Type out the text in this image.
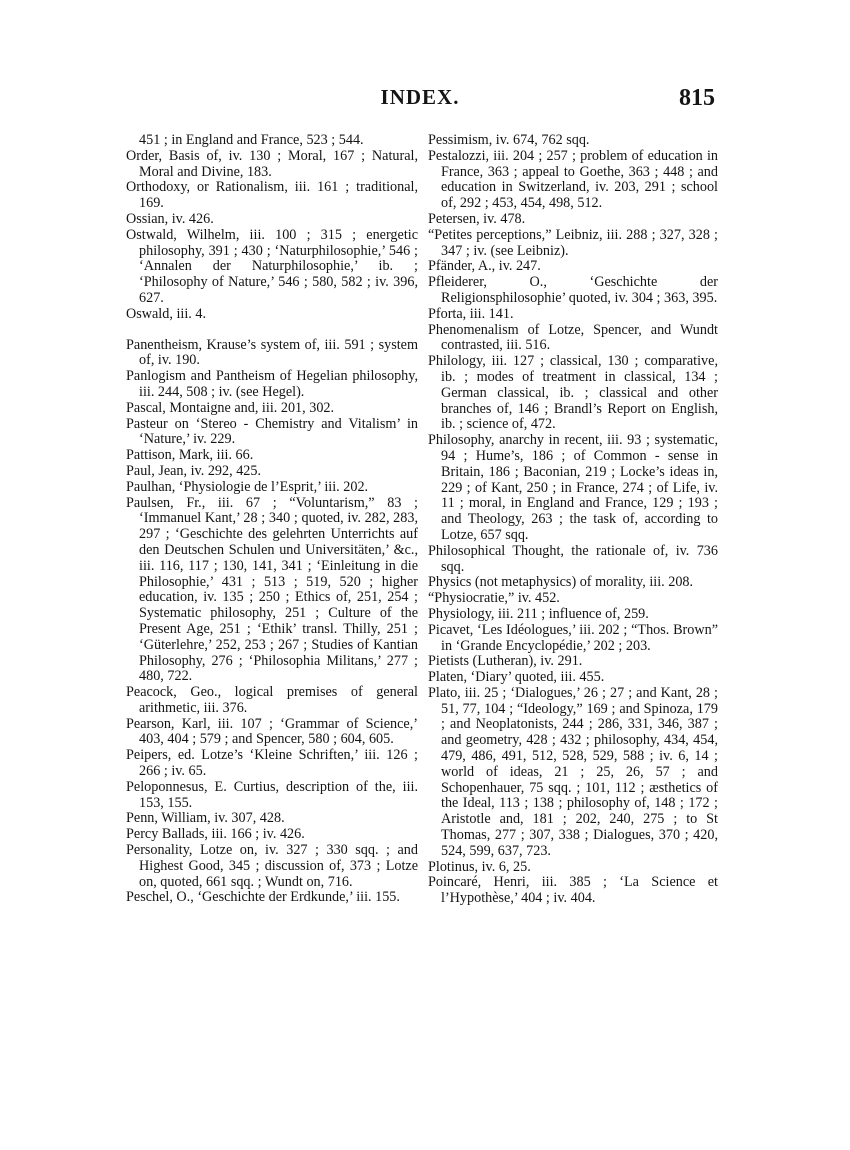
INDEX.	815

451 ; in England and France, 523 ; 544.

Order, Basis of, iv. 130 ; Moral, 167 ; Natural, Moral and Divine, 183.

Orthodoxy, or Rationalism, iii. 161 ; traditional, 169.

Ossian, iv. 426.

Ostwald, Wilhelm, iii. 100 ; 315 ; energetic philosophy, 391 ; 430 ; ‘Naturphilosophie,’ 546 ; ‘Annalen der Naturphilosophie,’ ib. ; ‘Philosophy of Nature,’ 546 ; 580, 582 ; iv. 396, 627.

Oswald, iii. 4.

Panentheism, Krause’s system of, iii. 591 ; system of, iv. 190.

Panlogism and Pantheism of Hegelian philosophy, iii. 244, 508 ; iv. (see Hegel).

Pascal, Montaigne and, iii. 201, 302.

Pasteur on ‘Stereo - Chemistry and Vitalism’ in ‘Nature,’ iv. 229.

Pattison, Mark, iii. 66.

Paul, Jean, iv. 292, 425.

Paulhan, ‘Physiologie de l’Esprit,’ iii. 202.

Paulsen, Fr., iii. 67 ; “Voluntarism,” 83 ; ‘Immanuel Kant,’ 28 ; 340 ; quoted, iv. 282, 283, 297 ; ‘Geschichte des gelehrten Unterrichts auf den Deutschen Schulen und Universitäten,’ &c., iii. 116, 117 ; 130, 141, 341 ; ‘Einleitung in die Philosophie,’ 431 ; 513 ; 519, 520 ; higher education, iv. 135 ; 250 ; Ethics of, 251, 254 ; Systematic philosophy, 251 ; Culture of the Present Age, 251 ; ‘Ethik’ transl. Thilly, 251 ; ‘Güterlehre,’ 252, 253 ; 267 ; Studies of Kantian Philosophy, 276 ; ‘Philosophia Militans,’ 277 ; 480, 722.

Peacock, Geo., logical premises of general arithmetic, iii. 376.

Pearson, Karl, iii. 107 ; ‘Grammar of Science,’ 403, 404 ; 579 ; and Spencer, 580 ; 604, 605.

Peipers, ed. Lotze’s ‘Kleine Schriften,’ iii. 126 ; 266 ; iv. 65.

Peloponnesus, E. Curtius, description of the, iii. 153, 155.

Penn, William, iv. 307, 428.

Percy Ballads, iii. 166 ; iv. 426.

Personality, Lotze on, iv. 327 ; 330 sqq. ; and Highest Good, 345 ; discussion of, 373 ; Lotze on, quoted, 661 sqq. ; Wundt on, 716.

Peschel, O., ‘Geschichte der Erdkunde,’ iii. 155.

Pessimism, iv. 674, 762 sqq.

Pestalozzi, iii. 204 ; 257 ; problem of education in France, 363 ; appeal to Goethe, 363 ; 448 ; and education in Switzerland, iv. 203, 291 ; school of, 292 ; 453, 454, 498, 512.

Petersen, iv. 478.

“Petites perceptions,” Leibniz, iii. 288 ; 327, 328 ; 347 ; iv. (see Leibniz).

Pfänder, A., iv. 247.

Pfleiderer, O., ‘Geschichte der Religionsphilosophie’ quoted, iv. 304 ; 363, 395.

Pforta, iii. 141.

Phenomenalism of Lotze, Spencer, and Wundt contrasted, iii. 516.

Philology, iii. 127 ; classical, 130 ; comparative, ib. ; modes of treatment in classical, 134 ; German classical, ib. ; classical and other branches of, 146 ; Brandl’s Report on English, ib. ; science of, 472.

Philosophy, anarchy in recent, iii. 93 ; systematic, 94 ; Hume’s, 186 ; of Common - sense in Britain, 186 ; Baconian, 219 ; Locke’s ideas in, 229 ; of Kant, 250 ; in France, 274 ; of Life, iv. 11 ; moral, in England and France, 129 ; 193 ; and Theology, 263 ; the task of, according to Lotze, 657 sqq.

Philosophical Thought, the rationale of, iv. 736 sqq.

Physics (not metaphysics) of morality, iii. 208.

“Physiocratie,” iv. 452.

Physiology, iii. 211 ; influence of, 259.

Picavet, ‘Les Idéologues,’ iii. 202 ; “Thos. Brown” in ‘Grande Encyclopédie,’ 202 ; 203.

Pietists (Lutheran), iv. 291.

Platen, ‘Diary’ quoted, iii. 455.

Plato, iii. 25 ; ‘Dialogues,’ 26 ; 27 ; and Kant, 28 ; 51, 77, 104 ; “Ideology,” 169 ; and Spinoza, 179 ; and Neoplatonists, 244 ; 286, 331, 346, 387 ; and geometry, 428 ; 432 ; philosophy, 434, 454, 479, 486, 491, 512, 528, 529, 588 ; iv. 6, 14 ; world of ideas, 21 ; 25, 26, 57 ; and Schopenhauer, 75 sqq. ; 101, 112 ; æsthetics of the Ideal, 113 ; 138 ; philosophy of, 148 ; 172 ; Aristotle and, 181 ; 202, 240, 275 ; to St Thomas, 277 ; 307, 338 ; Dialogues, 370 ; 420, 524, 599, 637, 723.

Plotinus, iv. 6, 25.

Poincaré, Henri, iii. 385 ; ‘La Science et l’Hypothèse,’ 404 ; iv. 404.
